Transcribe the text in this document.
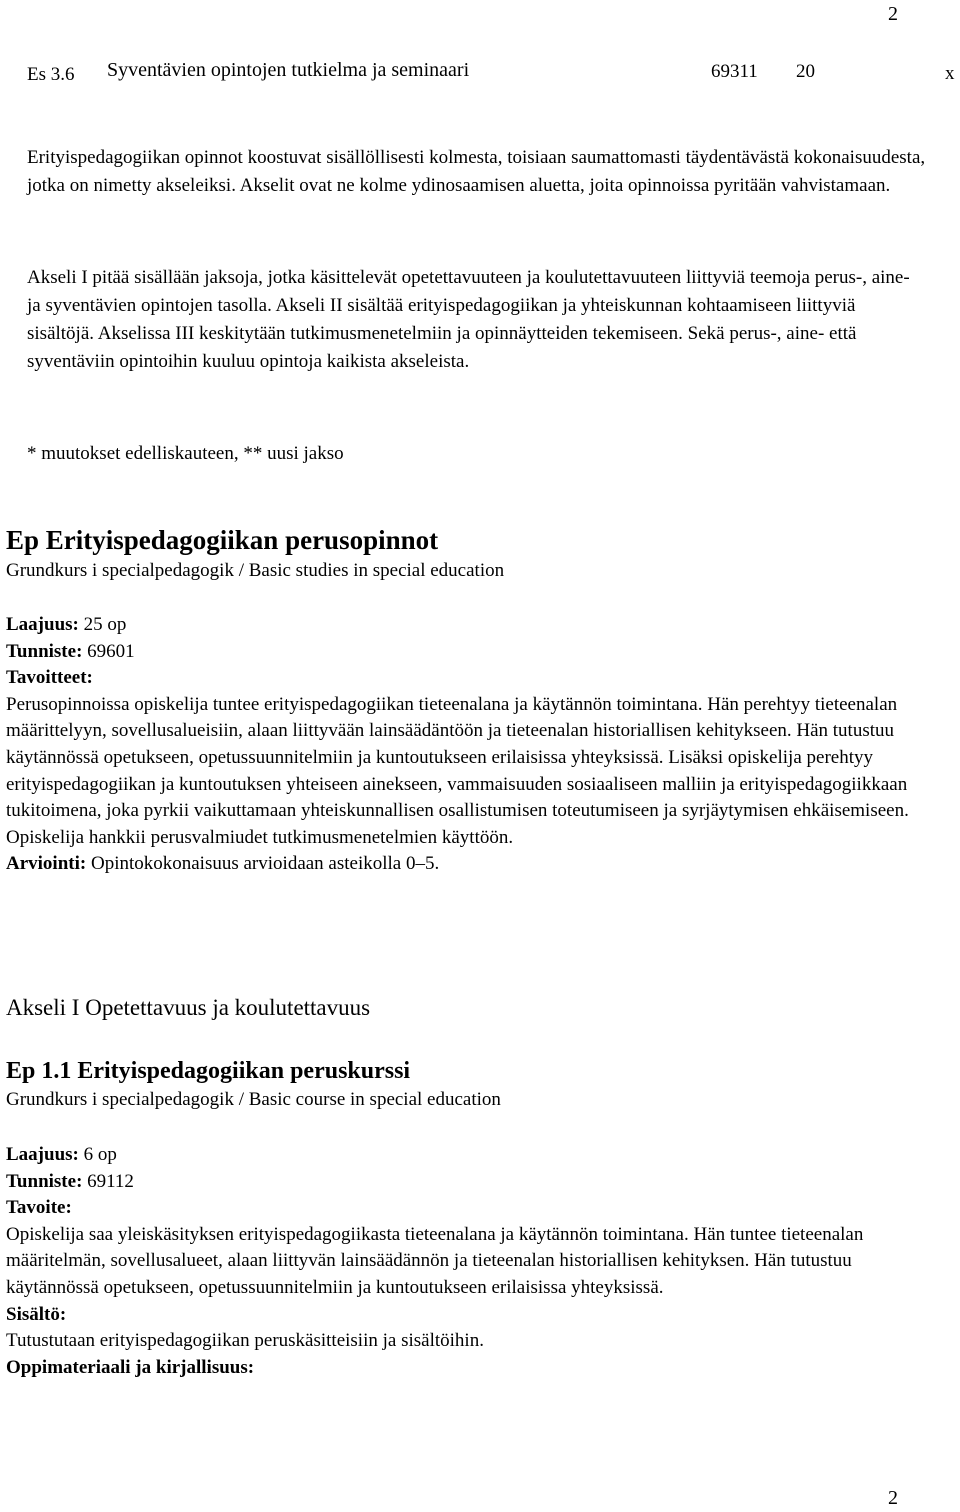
2
Es 3.6 Syventävien opintojen tutkielma ja seminaari	69311 20	x

Erityispedagogiikan opinnot koostuvat sisällöllisesti kolmesta, toisiaan saumattomasti täydentävästä kokonaisuudesta, jotka on nimetty akseleiksi. Akselit ovat ne kolme ydinosaamisen aluetta, joita opinnoissa pyritään vahvistamaan.

Akseli I pitää sisällään jaksoja, jotka käsittelevät opetettavuuteen ja koulutettavuuteen liittyviä teemoja perus-, aine- ja syventävien opintojen tasolla. Akseli II sisältää erityispedagogiikan ja yhteiskunnan kohtaamiseen liittyviä sisältöjä. Akselissa III keskitytään tutkimusmenetelmiin ja opinnäytteiden tekemiseen. Sekä perus-, aine- että syventäviin opintoihin kuuluu opintoja kaikista akseleista.

* muutokset edelliskauteen, ** uusi jakso

Ep Erityispedagogiikan perusopinnot
Grundkurs i specialpedagogik / Basic studies in special education
Laajuus: 25 op
Tunniste: 69601
Tavoitteet:
Perusopinnoissa opiskelija tuntee erityispedagogiikan tieteenalana ja käytännön toimintana. Hän perehtyy tieteenalan määrittelyyn, sovellusalueisiin, alaan liittyvään lainsäädäntöön ja tieteenalan historiallisen kehitykseen. Hän tutustuu käytännössä opetukseen, opetussuunnitelmiin ja kuntoutukseen erilaisissa yhteyksissä. Lisäksi opiskelija perehtyy erityispedagogiikan ja kuntoutuksen yhteiseen ainekseen, vammaisuuden sosiaaliseen malliin ja erityispedagogiikkaan tukitoimena, joka pyrkii vaikuttamaan yhteiskunnallisen osallistumisen toteutumiseen ja syrjäytymisen ehkäisemiseen. Opiskelija hankkii perusvalmiudet tutkimusmenetelmien käyttöön.
Arviointi: Opintokokonaisuus arvioidaan asteikolla 0–5.
Akseli I Opetettavuus ja koulutettavuus
Ep 1.1 Erityispedagogiikan peruskurssi
Grundkurs i specialpedagogik / Basic course in special education
Laajuus: 6 op
Tunniste: 69112
Tavoite:
Opiskelija saa yleiskäsityksen erityispedagogiikasta tieteenalana ja käytännön toimintana. Hän tuntee tieteenalan määritelmän, sovellusalueet, alaan liittyvän lainsäädännön ja tieteenalan historiallisen kehityksen. Hän tutustuu käytännössä opetukseen, opetussuunnitelmiin ja kuntoutukseen erilaisissa yhteyksissä.
Sisältö:
Tutustutaan erityispedagogiikan peruskäsitteisiin ja sisältöihin.
Oppimateriaali ja kirjallisuus:
2
